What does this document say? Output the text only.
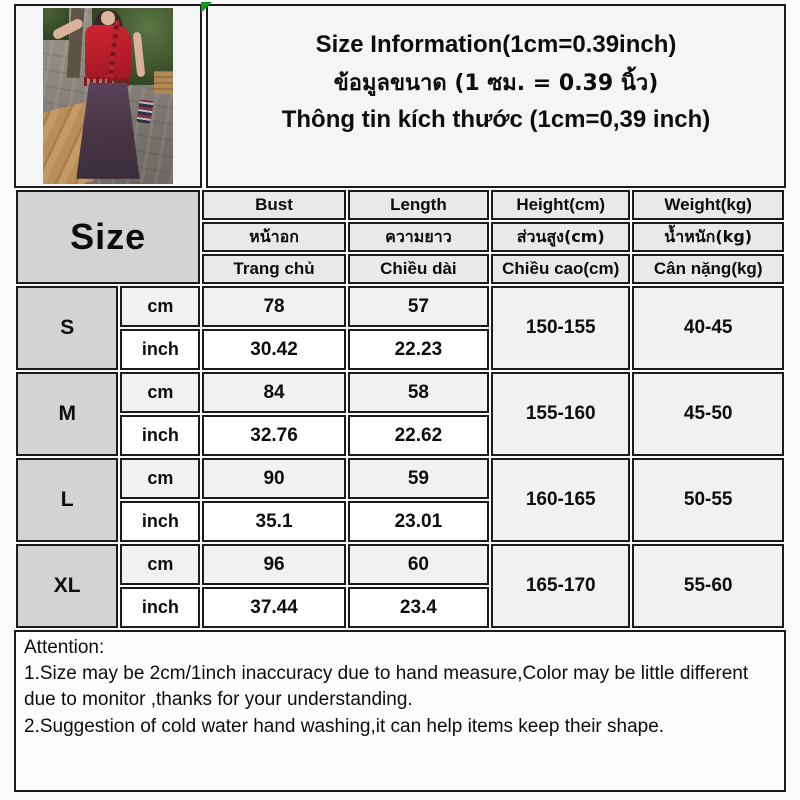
Size Information(1cm=0.39inch)
ข้อมูลขนาด (1 ซม. = 0.39 นิ้ว)
Thông tin kích thước (1cm=0,39 inch)
Size		Bust	Length	Height(cm)	Weight(kg)
		หน้าอก	ความยาว	ส่วนสูง(cm)	น้ำหนัก(kg)
		Trang chủ	Chiều dài	Chiều cao(cm)	Cân nặng(kg)
S	cm	78	57	150-155	40-45
	inch	30.42	22.23		
M	cm	84	58	155-160	45-50
	inch	32.76	22.62		
L	cm	90	59	160-165	50-55
	inch	35.1	23.01		
XL	cm	96	60	165-170	55-60
	inch	37.44	23.4		

Attention:

1.Size may be 2cm/1inch inaccuracy due to hand measure,Color may be little different due to monitor ,thanks for your understanding.

2.Suggestion of cold water hand washing,it can help items keep their shape.
